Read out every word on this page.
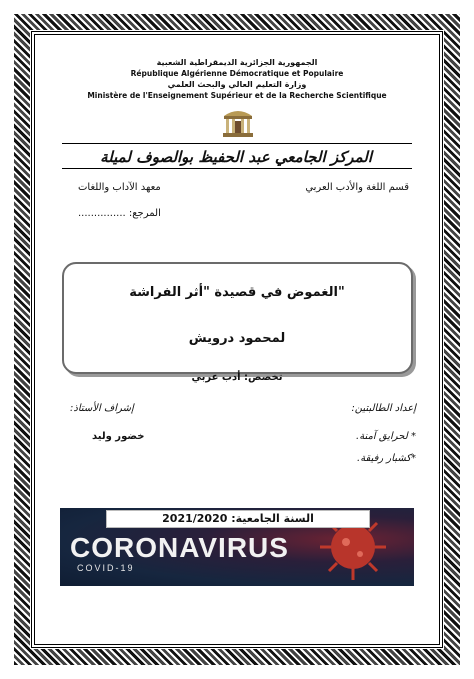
الجمهورية الجزائرية الديمقراطية الشعبية
République Algérienne Démocratique et Populaire
وزارة التعليم العالي والبحث العلمي
Ministère de l'Enseignement Supérieur et de la Recherche Scientifique
المركز الجامعي عبد الحفيظ بوالصوف لميلة
قسم اللغة والأدب العربي
معهد الآداب واللغات
المرجع: ...............
الغموض في قصيدة "أثر الفراشة"
لمحمود درويش
تخصص: أدب عربي
إعداد الطالبتين:
إشراف الأستاذ:
* لحرايق آمنة.
خضور وليد
*كشبار رفيقة.
السنة الجامعية: 2021/2020
CORONAVIRUS
COVID-19
